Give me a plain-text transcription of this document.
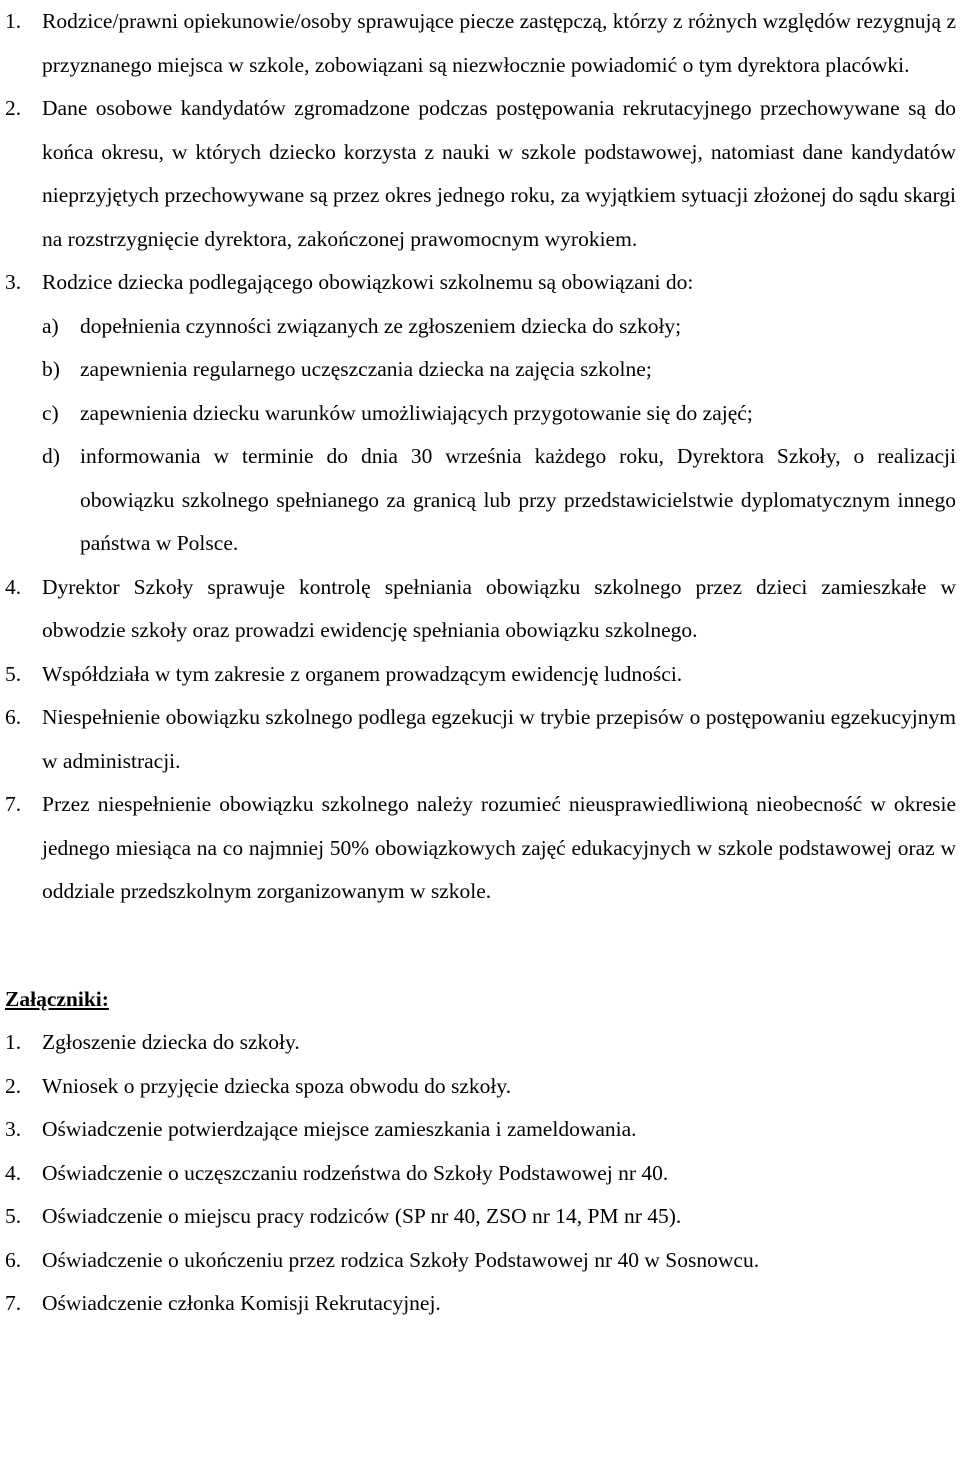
1. Rodzice/prawni opiekunowie/osoby sprawujące piecze zastępczą, którzy z różnych względów rezygnują z przyznanego miejsca w szkole, zobowiązani są niezwłocznie powiadomić o tym dyrektora placówki.
2. Dane osobowe kandydatów zgromadzone podczas postępowania rekrutacyjnego przechowywane są do końca okresu, w których dziecko korzysta z nauki w szkole podstawowej, natomiast dane kandydatów nieprzyjętych przechowywane są przez okres jednego roku, za wyjątkiem sytuacji złożonej do sądu skargi na rozstrzygnięcie dyrektora, zakończonej prawomocnym wyrokiem.
3. Rodzice dziecka podlegającego obowiązkowi szkolnemu są obowiązani do:
a) dopełnienia czynności związanych ze zgłoszeniem dziecka do szkoły;
b) zapewnienia regularnego uczęszczania dziecka na zajęcia szkolne;
c) zapewnienia dziecku warunków umożliwiających przygotowanie się do zajęć;
d) informowania w terminie do dnia 30 września każdego roku, Dyrektora Szkoły, o realizacji obowiązku szkolnego spełnianego za granicą lub przy przedstawicielstwie dyplomatycznym innego państwa w Polsce.
4. Dyrektor Szkoły sprawuje kontrolę spełniania obowiązku szkolnego przez dzieci zamieszkałe w obwodzie szkoły oraz prowadzi ewidencję spełniania obowiązku szkolnego.
5. Współdziała w tym zakresie z organem prowadzącym ewidencję ludności.
6. Niespełnienie obowiązku szkolnego podlega egzekucji w trybie przepisów o postępowaniu egzekucyjnym w administracji.
7. Przez niespełnienie obowiązku szkolnego należy rozumieć nieusprawiedliwioną nieobecność w okresie jednego miesiąca na co najmniej 50% obowiązkowych zajęć edukacyjnych w szkole podstawowej oraz w oddziale przedszkolnym zorganizowanym w szkole.
Załączniki:
1. Zgłoszenie dziecka do szkoły.
2. Wniosek o przyjęcie dziecka spoza obwodu do szkoły.
3. Oświadczenie potwierdzające miejsce zamieszkania i zameldowania.
4. Oświadczenie o uczęszczaniu rodzeństwa do Szkoły Podstawowej nr 40.
5. Oświadczenie o miejscu pracy rodziców (SP nr 40, ZSO nr 14, PM nr 45).
6. Oświadczenie o ukończeniu przez rodzica Szkoły Podstawowej nr 40 w Sosnowcu.
7. Oświadczenie członka Komisji Rekrutacyjnej.
